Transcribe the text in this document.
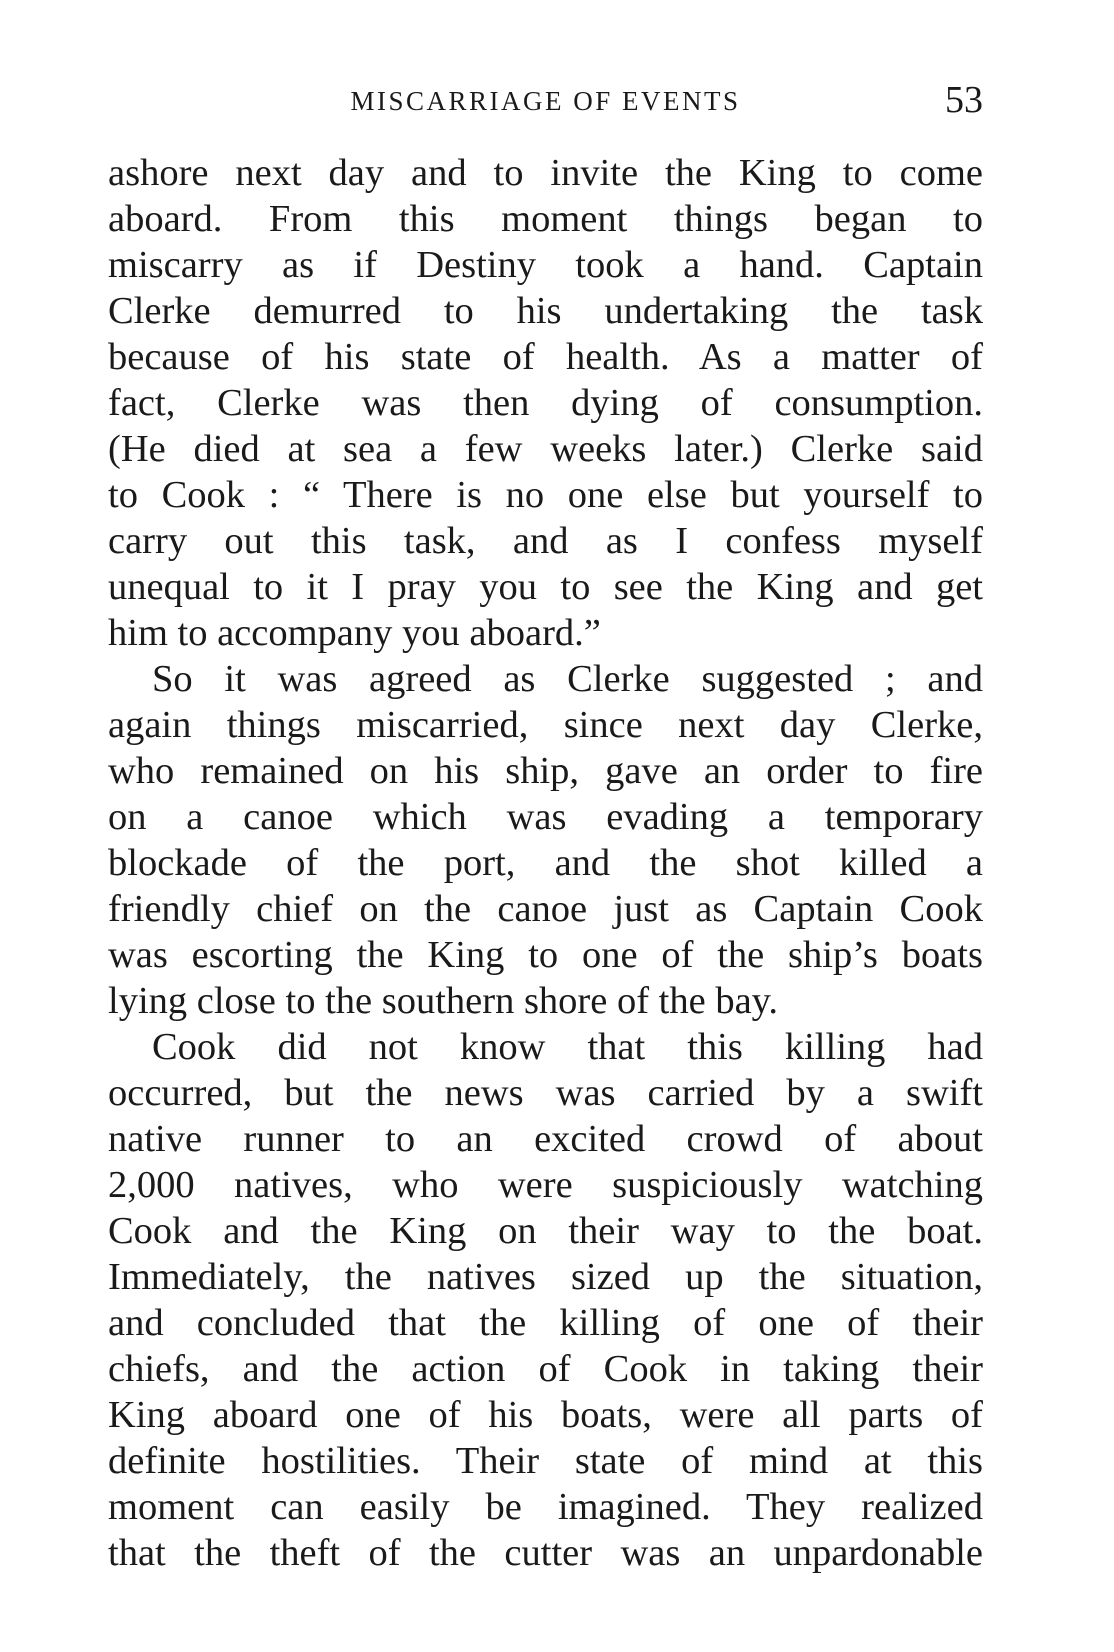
MISCARRIAGE OF EVENTS	53
ashore next day and to invite the King to come
aboard. From this moment things began to
miscarry as if Destiny took a hand. Captain
Clerke demurred to his undertaking the task
because of his state of health. As a matter of
fact, Clerke was then dying of consumption.
(He died at sea a few weeks later.) Clerke said
to Cook : “ There is no one else but yourself to
carry out this task, and as I confess myself
unequal to it I pray you to see the King and get
him to accompany you aboard.”
So it was agreed as Clerke suggested ; and
again things miscarried, since next day Clerke,
who remained on his ship, gave an order to fire
on a canoe which was evading a temporary
blockade of the port, and the shot killed a
friendly chief on the canoe just as Captain Cook
was escorting the King to one of the ship’s boats
lying close to the southern shore of the bay.
Cook did not know that this killing had
occurred, but the news was carried by a swift
native runner to an excited crowd of about
2,000 natives, who were suspiciously watching
Cook and the King on their way to the boat.
Immediately, the natives sized up the situation,
and concluded that the killing of one of their
chiefs, and the action of Cook in taking their
King aboard one of his boats, were all parts of
definite hostilities. Their state of mind at this
moment can easily be imagined. They realized
that the theft of the cutter was an unpardonable
